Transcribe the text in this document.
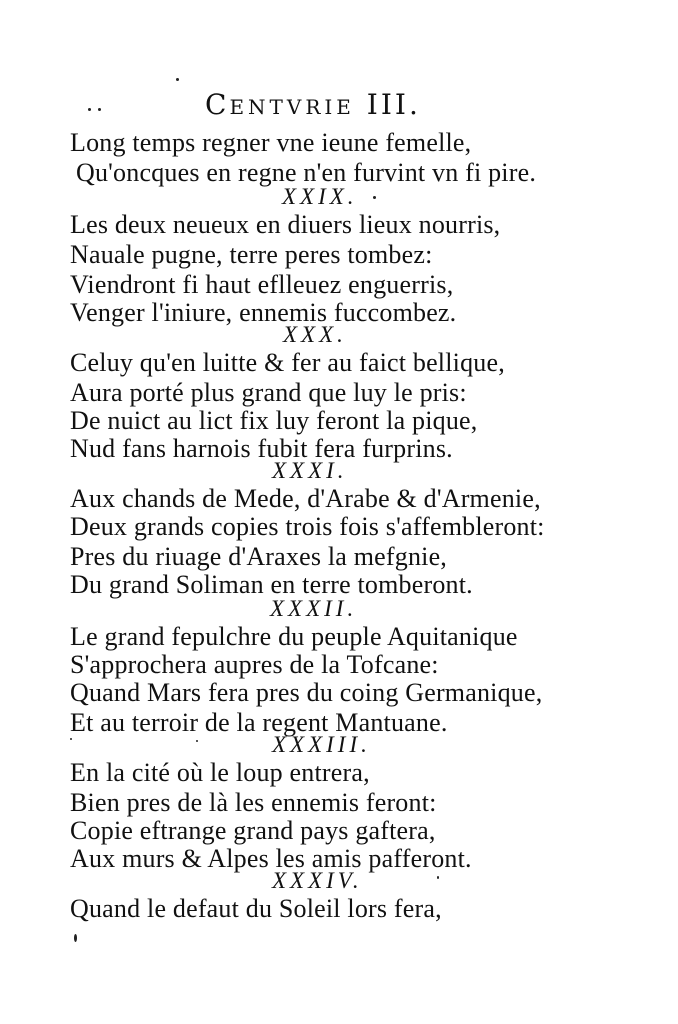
CENTVRIE III.
Long temps regner vne ieune femelle,
Qu'oncques en regne n'en furvint vn fi pire.
XXIX.
Les deux neueux en diuers lieux nourris,
Nauale pugne, terre peres tombez:
Viendront fi haut eflleuez enguerris,
Venger l'iniure, ennemis fuccombez.
XXX.
Celuy qu'en luitte & fer au faict bellique,
Aura porté plus grand que luy le pris:
De nuict au lict fix luy feront la pique,
Nud fans harnois fubit fera furprins.
XXXI.
Aux chands de Mede, d'Arabe & d'Armenie,
Deux grands copies trois fois s'affembleront:
Pres du riuage d'Araxes la mefgnie,
Du grand Soliman en terre tomberont.
XXXII.
Le grand fepulchre du peuple Aquitanique
S'approchera aupres de la Tofcane:
Quand Mars fera pres du coing Germanique,
Et au terroir de la regent Mantuane.
XXXIII.
En la cité où le loup entrera,
Bien pres de là les ennemis feront:
Copie eftrange grand pays gaftera,
Aux murs & Alpes les amis pafferont.
XXXIV.
Quand le defaut du Soleil lors fera,
